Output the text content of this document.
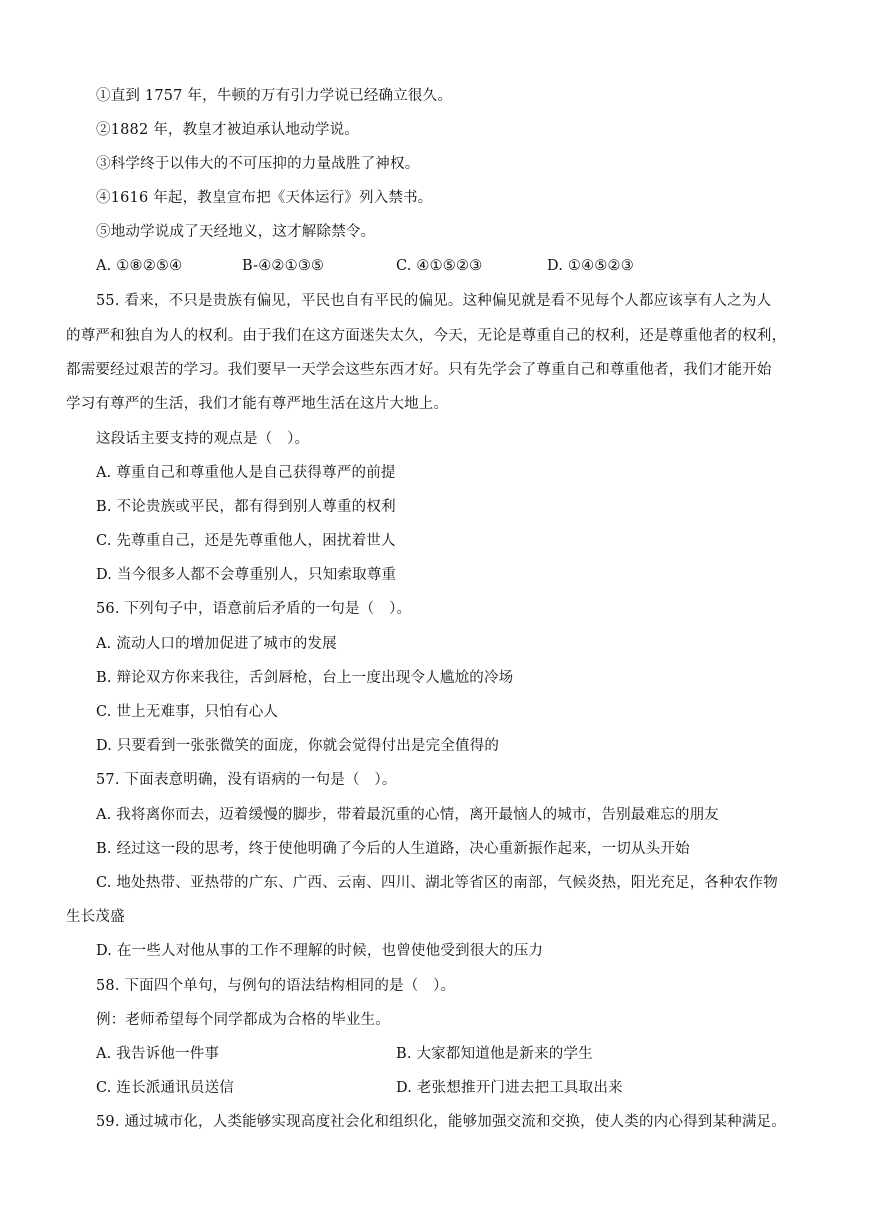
①直到 1757 年，牛顿的万有引力学说已经确立很久。
②1882 年，教皇才被迫承认地动学说。
③科学终于以伟大的不可压抑的力量战胜了神权。
④1616 年起，教皇宣布把《天体运行》列入禁书。
⑤地动学说成了天经地义，这才解除禁令。
A. ①⑧②⑤④	B-④②①③⑤	C. ④①⑤②③	D. ①④⑤②③
55. 看来，不只是贵族有偏见，平民也自有平民的偏见。这种偏见就是看不见每个人都应该享有人之为人
的尊严和独自为人的权利。由于我们在这方面迷失太久，今天，无论是尊重自己的权利，还是尊重他者的权利，
都需要经过艰苦的学习。我们要早一天学会这些东西才好。只有先学会了尊重自己和尊重他者，我们才能开始
学习有尊严的生活，我们才能有尊严地生活在这片大地上。
这段话主要支持的观点是（　）。
A. 尊重自己和尊重他人是自己获得尊严的前提
B. 不论贵族或平民，都有得到别人尊重的权利
C. 先尊重自己，还是先尊重他人，困扰着世人
D. 当今很多人都不会尊重别人，只知索取尊重
56. 下列句子中，语意前后矛盾的一句是（　）。
A. 流动人口的增加促进了城市的发展
B. 辩论双方你来我往，舌剑唇枪，台上一度出现令人尴尬的冷场
C. 世上无难事，只怕有心人
D. 只要看到一张张微笑的面庞，你就会觉得付出是完全值得的
57. 下面表意明确，没有语病的一句是（　）。
A. 我将离你而去，迈着缓慢的脚步，带着最沉重的心情，离开最恼人的城市，告别最难忘的朋友
B. 经过这一段的思考，终于使他明确了今后的人生道路，决心重新振作起来，一切从头开始
C. 地处热带、亚热带的广东、广西、云南、四川、湖北等省区的南部，气候炎热，阳光充足，各种农作物
生长茂盛
D. 在一些人对他从事的工作不理解的时候，也曾使他受到很大的压力
58. 下面四个单句，与例句的语法结构相同的是（　）。
例：老师希望每个同学都成为合格的毕业生。
A. 我告诉他一件事	B. 大家都知道他是新来的学生
C. 连长派通讯员送信	D. 老张想推开门进去把工具取出来
59. 通过城市化，人类能够实现高度社会化和组织化，能够加强交流和交换，使人类的内心得到某种满足。
